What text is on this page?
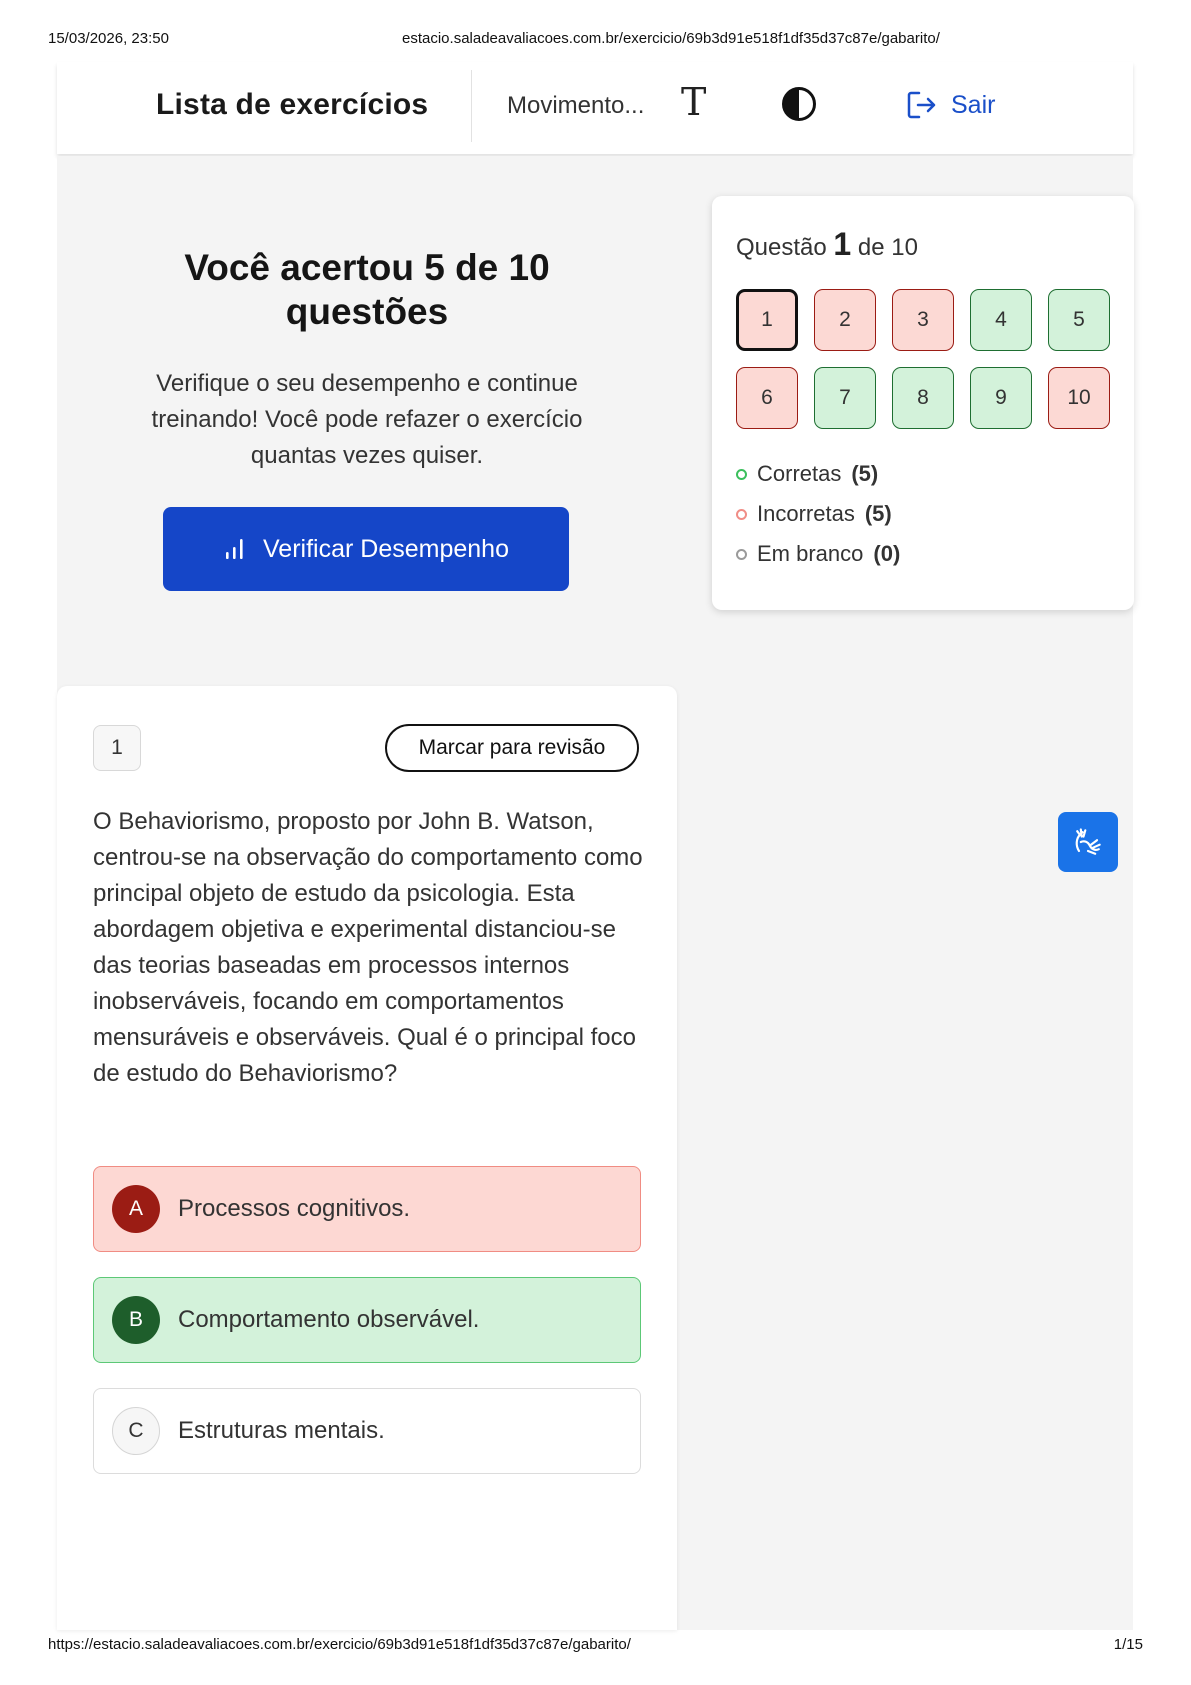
15/03/2026, 23:50	estacio.saladeavaliacoes.com.br/exercicio/69b3d91e518f1df35d37c87e/gabarito/
Lista de exercícios	Movimento... T	Sair
Você acertou 5 de 10 questões
Verifique o seu desempenho e continue treinando! Você pode refazer o exercício quantas vezes quiser.
Verificar Desempenho
Questão 1 de 10
1	2	3	4	5
6	7	8	9	10
Corretas (5)
Incorretas (5)
Em branco (0)
1	Marcar para revisão
O Behaviorismo, proposto por John B. Watson, centrou-se na observação do comportamento como principal objeto de estudo da psicologia. Esta abordagem objetiva e experimental distanciou-se das teorias baseadas em processos internos inobserváveis, focando em comportamentos mensuráveis e observáveis. Qual é o principal foco de estudo do Behaviorismo?
A	Processos cognitivos.
B	Comportamento observável.
C	Estruturas mentais.
https://estacio.saladeavaliacoes.com.br/exercicio/69b3d91e518f1df35d37c87e/gabarito/	1/15
